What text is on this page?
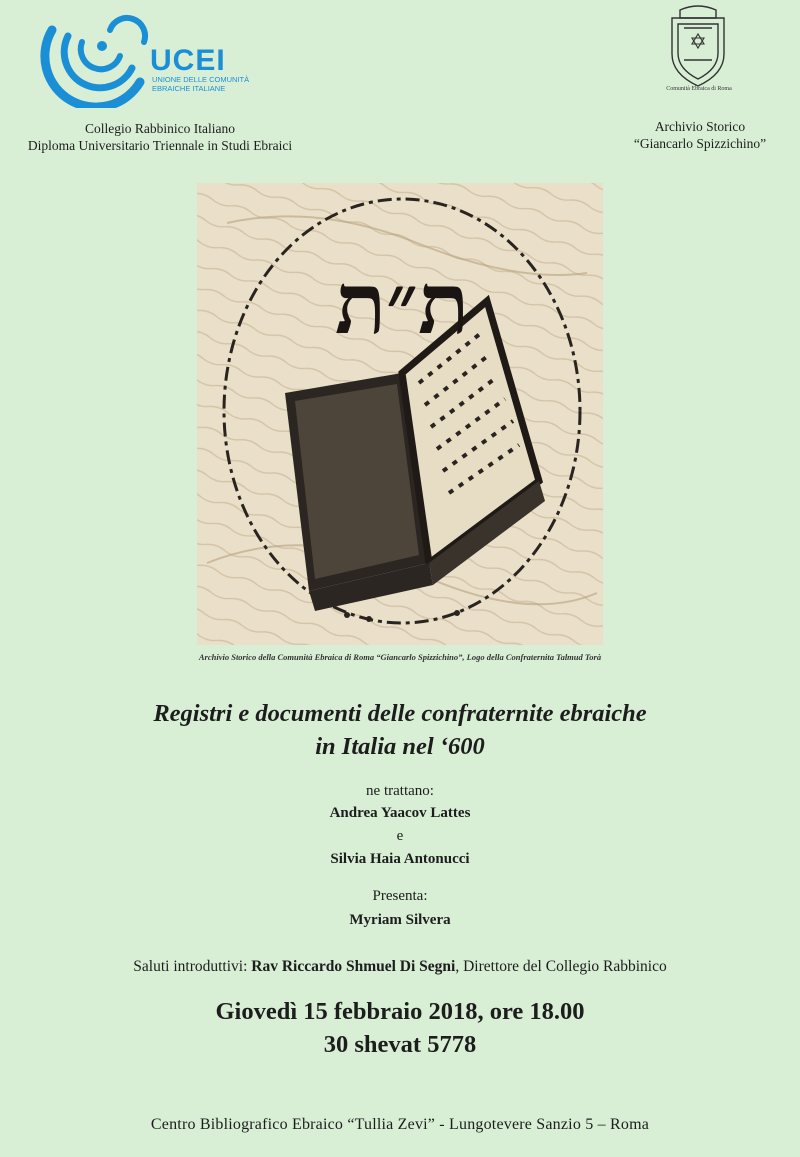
UCEI
UNIONE DELLE COMUNITÀ EBRAICHE ITALIANE
Collegio Rabbinico Italiano
Diploma Universitario Triennale in Studi Ebraici
Comunità Ebraica di Roma
Archivio Storico
“Giancarlo Spizzichino”
ת״ת
Archivio Storico della Comunità Ebraica di Roma “Giancarlo Spizzichino”, Logo della Confraternita Talmud Torà
Registri e documenti delle confraternite ebraiche
in Italia nel ‘600
ne trattano:
Andrea Yaacov Lattes
e
Silvia Haia Antonucci
Presenta:
Myriam Silvera
Saluti introduttivi: Rav Riccardo Shmuel Di Segni, Direttore del Collegio Rabbinico
Giovedì 15 febbraio 2018, ore 18.00
30 shevat 5778
Centro Bibliografico Ebraico “Tullia Zevi” - Lungotevere Sanzio 5 – Roma
